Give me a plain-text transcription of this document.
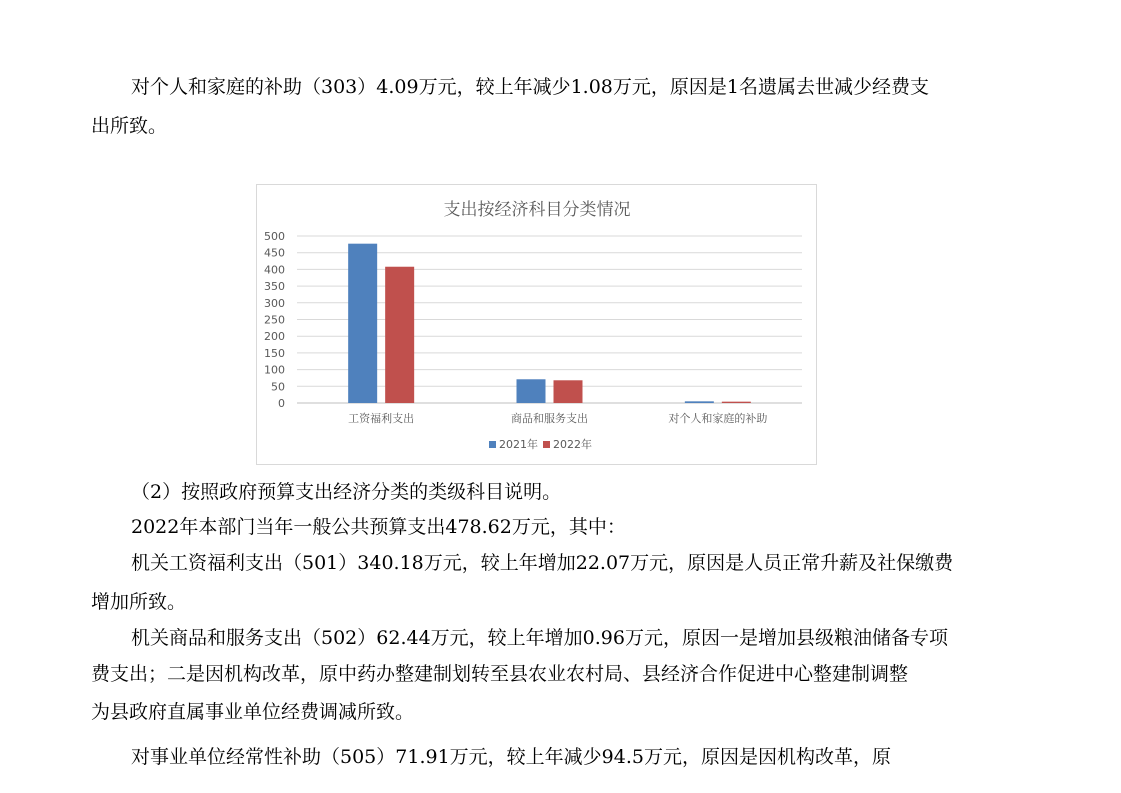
对个人和家庭的补助（303）4.09万元，较上年减少1.08万元，原因是1名遗属去世减少经费支
出所致。
支出按经济科目分类情况
0
50
100
150
200
250
300
350
400
450
500
工资福利支出	商品和服务支出	对个人和家庭的补助
2021年 2022年
（2）按照政府预算支出经济分类的类级科目说明。
2022年本部门当年一般公共预算支出478.62万元，其中：
机关工资福利支出（501）340.18万元，较上年增加22.07万元，原因是人员正常升薪及社保缴费
增加所致。
机关商品和服务支出（502）62.44万元，较上年增加0.96万元，原因一是增加县级粮油储备专项
费支出；二是因机构改革，原中药办整建制划转至县农业农村局、县经济合作促进中心整建制调整
为县政府直属事业单位经费调减所致。
对事业单位经常性补助（505）71.91万元，较上年减少94.5万元，原因是因机构改革，原
